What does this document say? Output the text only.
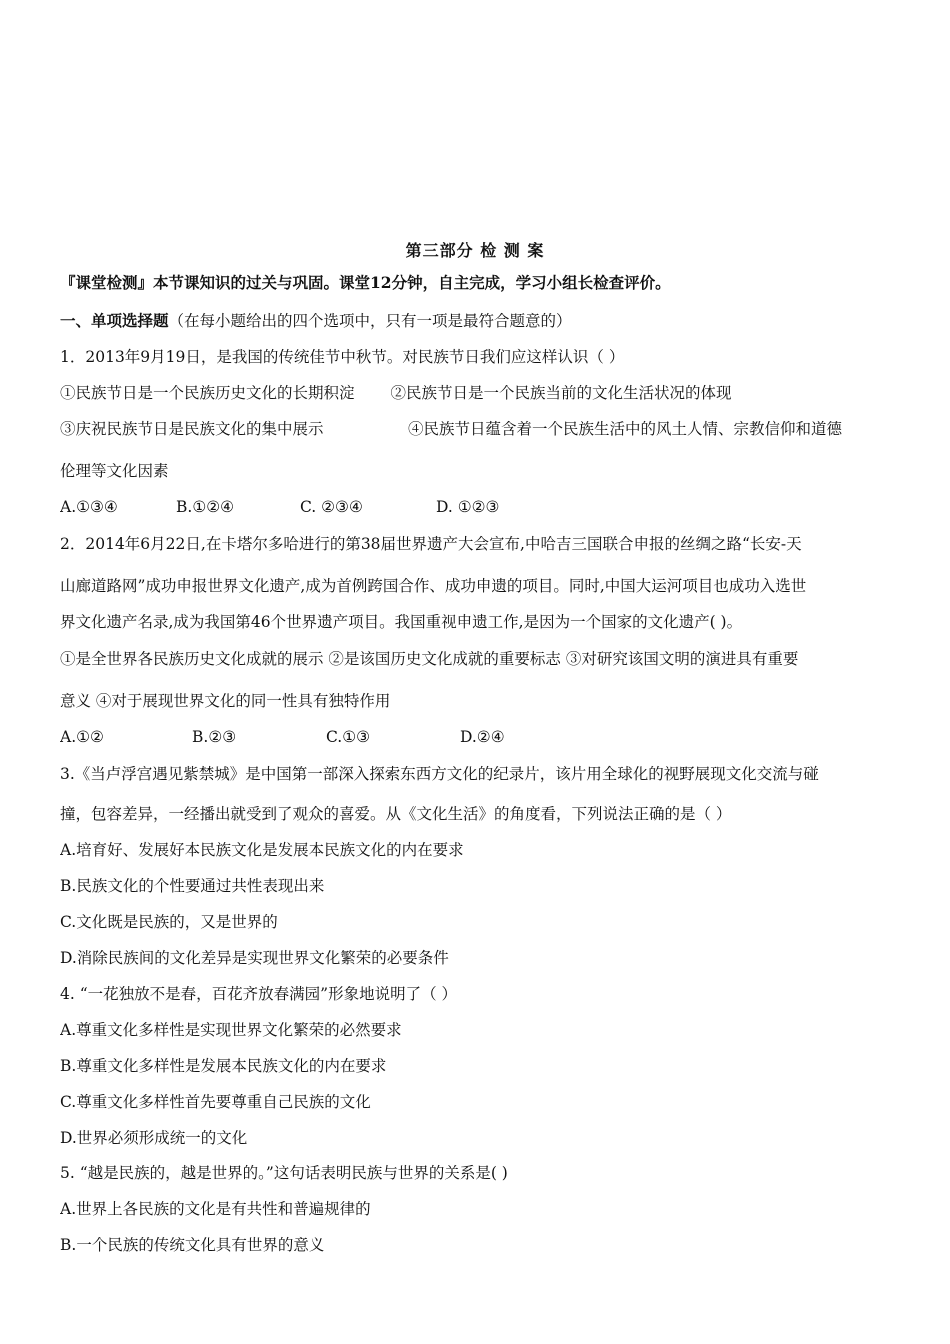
第三部分 检 测 案
『课堂检测』本节课知识的过关与巩固。课堂12分钟，自主完成，学习小组长检查评价。
一、单项选择题（在每小题给出的四个选项中，只有一项是最符合题意的）
1．2013年9月19日，是我国的传统佳节中秋节。对民族节日我们应这样认识（ ）
①民族节日是一个民族历史文化的长期积淀 ②民族节日是一个民族当前的文化生活状况的体现
③庆祝民族节日是民族文化的集中展示	④民族节日蕴含着一个民族生活中的风土人情、宗教信仰和道德
伦理等文化因素
A.①③④	B.①②④	C. ②③④	D. ①②③
2．2014年6月22日,在卡塔尔多哈进行的第38届世界遗产大会宣布,中哈吉三国联合申报的丝绸之路“长安-天
山廊道路网”成功申报世界文化遗产,成为首例跨国合作、成功申遗的项目。同时,中国大运河项目也成功入选世
界文化遗产名录,成为我国第46个世界遗产项目。我国重视申遗工作,是因为一个国家的文化遗产( )。
①是全世界各民族历史文化成就的展示 ②是该国历史文化成就的重要标志 ③对研究该国文明的演进具有重要
意义 ④对于展现世界文化的同一性具有独特作用
A.①②	B.②③	C.①③	D.②④
3.《当卢浮宫遇见紫禁城》是中国第一部深入探索东西方文化的纪录片，该片用全球化的视野展现文化交流与碰
撞，包容差异，一经播出就受到了观众的喜爱。从《文化生活》的角度看，下列说法正确的是（ ）
A.培育好、发展好本民族文化是发展本民族文化的内在要求
B.民族文化的个性要通过共性表现出来
C.文化既是民族的，又是世界的
D.消除民族间的文化差异是实现世界文化繁荣的必要条件
4. “一花独放不是春，百花齐放春满园”形象地说明了（ ）
A.尊重文化多样性是实现世界文化繁荣的必然要求
B.尊重文化多样性是发展本民族文化的内在要求
C.尊重文化多样性首先要尊重自己民族的文化
D.世界必须形成统一的文化
5. “越是民族的，越是世界的。”这句话表明民族与世界的关系是( )
A.世界上各民族的文化是有共性和普遍规律的
B.一个民族的传统文化具有世界的意义
